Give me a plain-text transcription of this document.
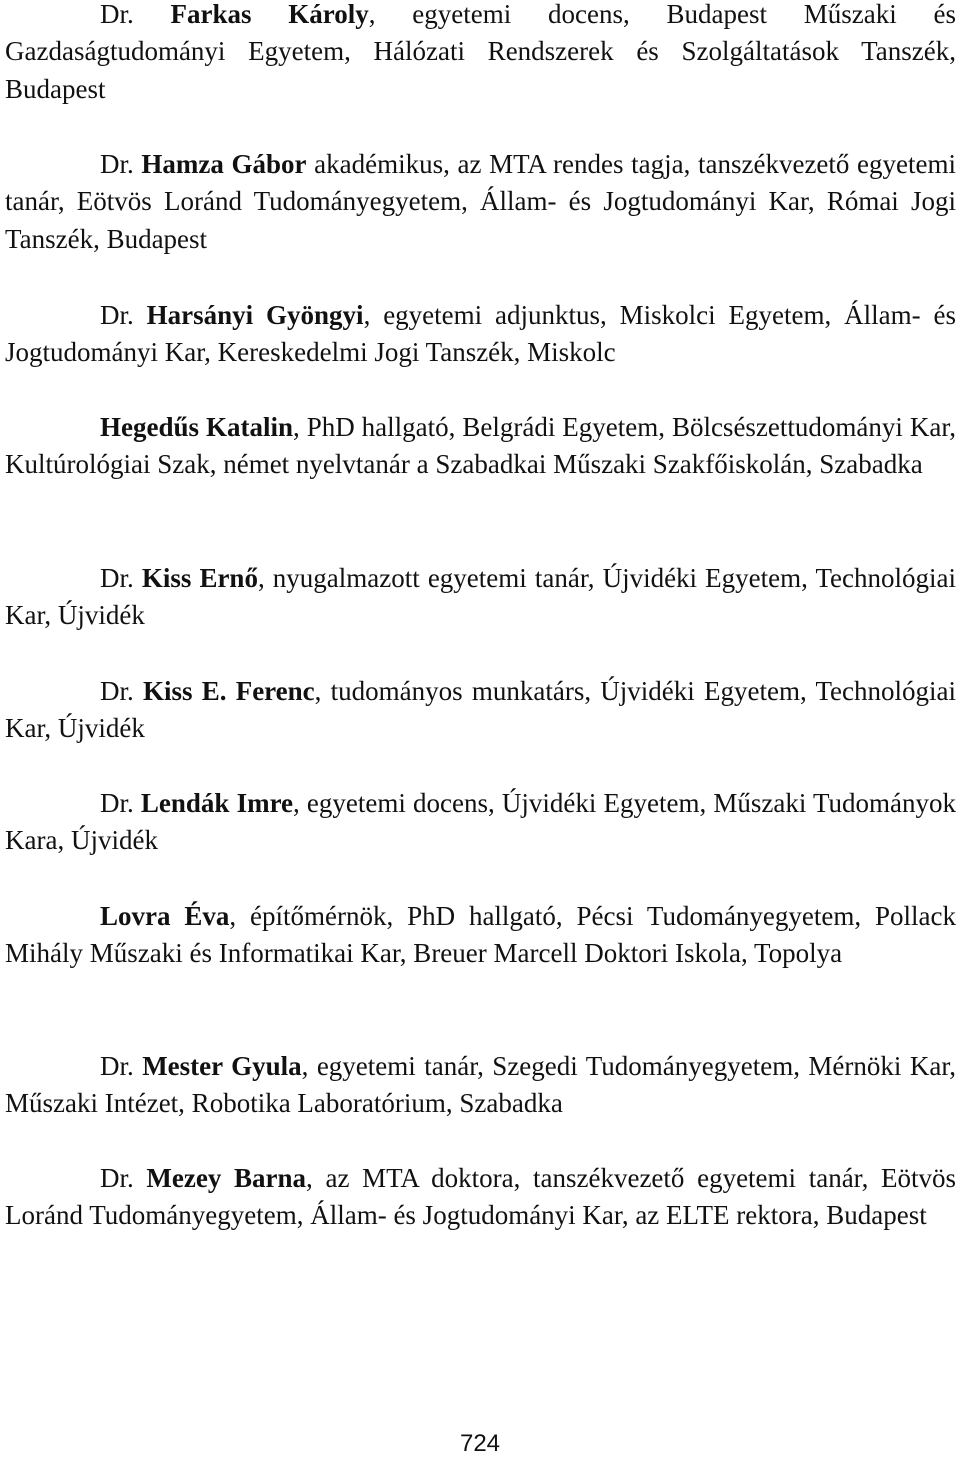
Dr. Farkas Károly, egyetemi docens, Budapest Műszaki és Gazdaságtudományi Egyetem, Hálózati Rendszerek és Szolgáltatások Tanszék, Budapest

Dr. Hamza Gábor akadémikus, az MTA rendes tagja, tanszékvezető egyetemi tanár, Eötvös Loránd Tudományegyetem, Állam- és Jogtudományi Kar, Római Jogi Tanszék, Budapest

Dr. Harsányi Gyöngyi, egyetemi adjunktus, Miskolci Egyetem, Állam- és Jogtudományi Kar, Kereskedelmi Jogi Tanszék, Miskolc

Hegedűs Katalin, PhD hallgató, Belgrádi Egyetem, Bölcsészettudományi Kar, Kultúrológiai Szak, német nyelvtanár a Szabadkai Műszaki Szakfőiskolán, Szabadka

Dr. Kiss Ernő, nyugalmazott egyetemi tanár, Újvidéki Egyetem, Technológiai Kar, Újvidék

Dr. Kiss E. Ferenc, tudományos munkatárs, Újvidéki Egyetem, Technológiai Kar, Újvidék

Dr. Lendák Imre, egyetemi docens, Újvidéki Egyetem, Műszaki Tudományok Kara, Újvidék

Lovra Éva, építőmérnök, PhD hallgató, Pécsi Tudományegyetem, Pollack Mihály Műszaki és Informatikai Kar, Breuer Marcell Doktori Iskola, Topolya

Dr. Mester Gyula, egyetemi tanár, Szegedi Tudományegyetem, Mérnöki Kar, Műszaki Intézet, Robotika Laboratórium, Szabadka

Dr. Mezey Barna, az MTA doktora, tanszékvezető egyetemi tanár, Eötvös Loránd Tudományegyetem, Állam- és Jogtudományi Kar, az ELTE rektora, Budapest

724
